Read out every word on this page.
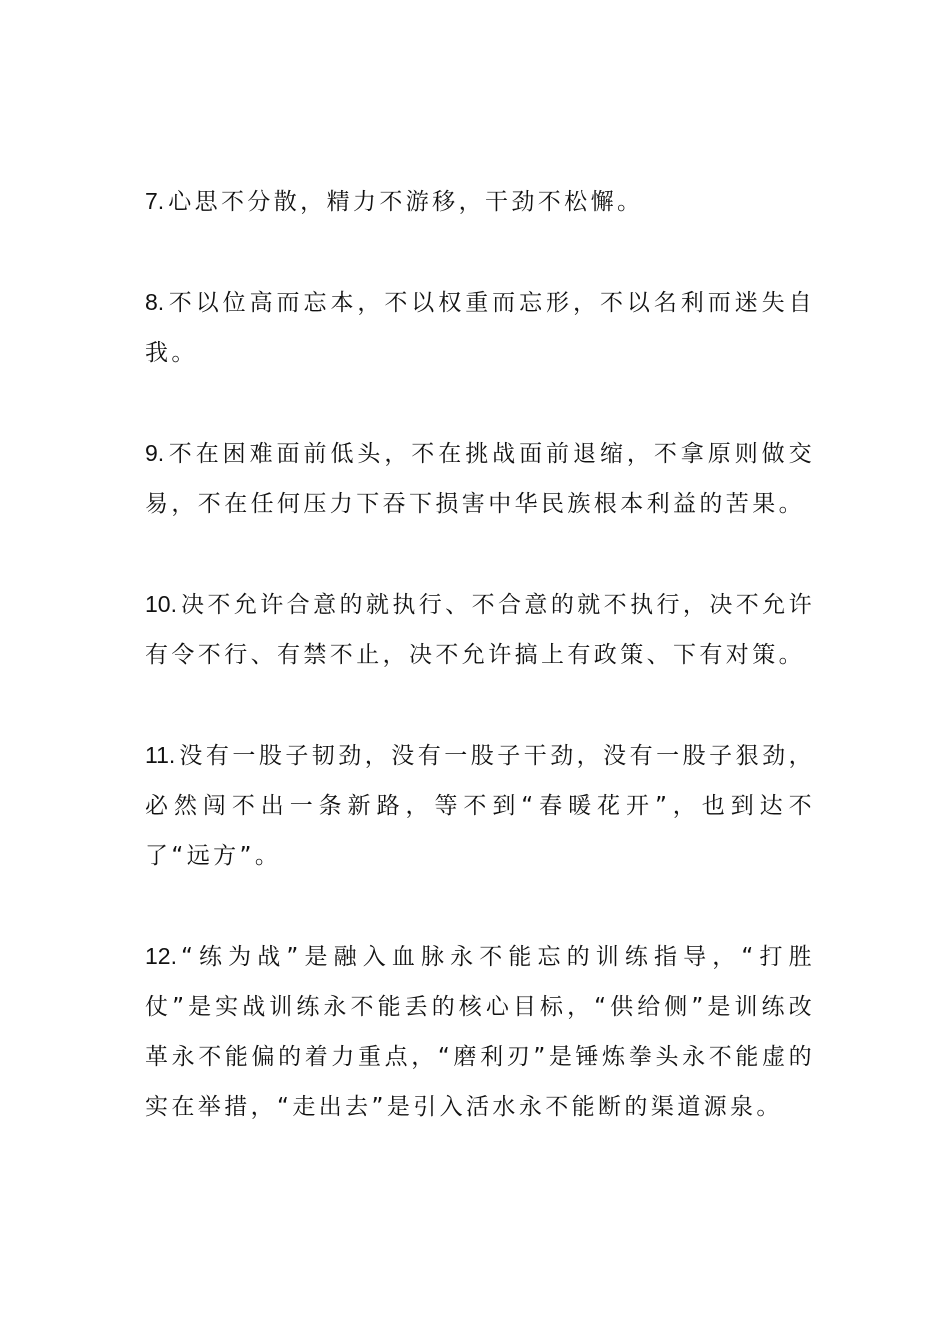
7. 心思不分散，精力不游移，干劲不松懈。

8. 不以位高而忘本，不以权重而忘形，不以名利而迷失自我。

9. 不在困难面前低头，不在挑战面前退缩，不拿原则做交易，不在任何压力下吞下损害中华民族根本利益的苦果。

10. 决不允许合意的就执行、不合意的就不执行，决不允许有令不行、有禁不止，决不允许搞上有政策、下有对策。

11. 没有一股子韧劲，没有一股子干劲，没有一股子狠劲，必然闯不出一条新路，等不到“春暖花开”，也到达不了“远方”。

12. “练为战”是融入血脉永不能忘的训练指导，“打胜仗”是实战训练永不能丢的核心目标，“供给侧”是训练改革永不能偏的着力重点，“磨利刃”是锤炼拳头永不能虚的实在举措，“走出去”是引入活水永不能断的渠道源泉。
